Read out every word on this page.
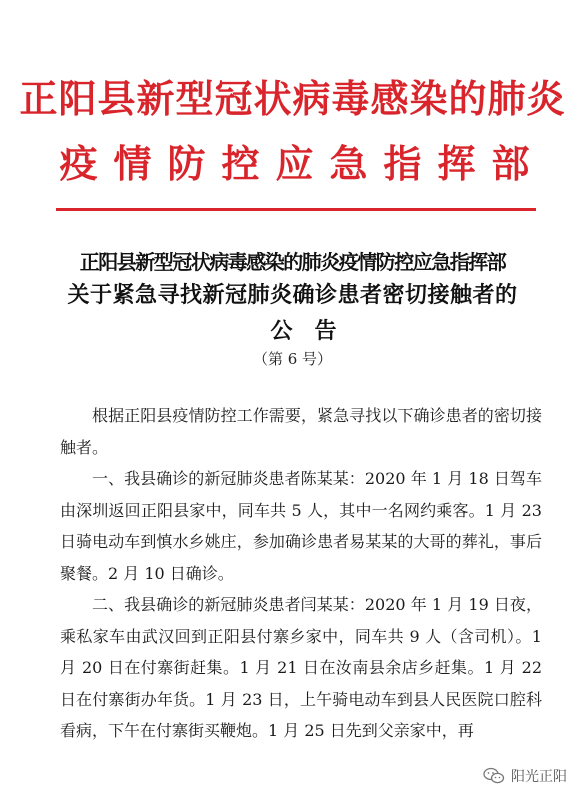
正阳县新型冠状病毒感染的肺炎
疫情防控应急指挥部
正阳县新型冠状病毒感染的肺炎疫情防控应急指挥部
关于紧急寻找新冠肺炎确诊患者密切接触者的
公告
（第 6 号）

根据正阳县疫情防控工作需要，紧急寻找以下确诊患者的密切接触者。

一、我县确诊的新冠肺炎患者陈某某：2020 年 1 月 18 日驾车由深圳返回正阳县家中，同车共 5 人，其中一名网约乘客。1 月 23 日骑电动车到慎水乡姚庄，参加确诊患者易某某的大哥的葬礼，事后聚餐。2 月 10 日确诊。

二、我县确诊的新冠肺炎患者闫某某：2020 年 1 月 19 日夜，乘私家车由武汉回到正阳县付寨乡家中，同车共 9 人（含司机）。1 月 20 日在付寨街赶集。1 月 21 日在汝南县余店乡赶集。1 月 22 日在付寨街办年货。1 月 23 日，上午骑电动车到县人民医院口腔科看病，下午在付寨街买鞭炮。1 月 25 日先到父亲家中，再

阳光正阳
